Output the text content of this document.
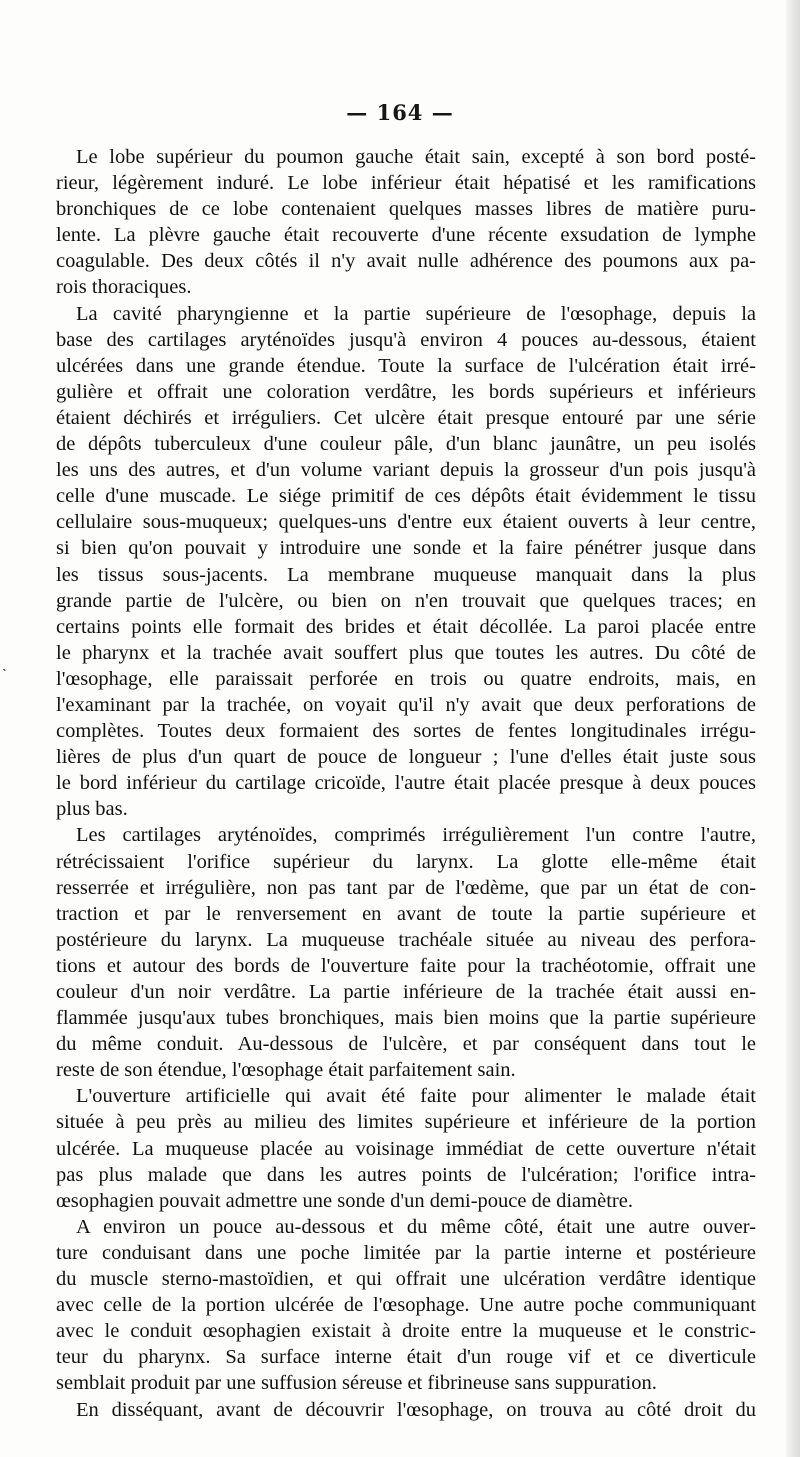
— 164 —
˴
Le lobe supérieur du poumon gauche était sain, excepté à son bord posté-
rieur, légèrement induré. Le lobe inférieur était hépatisé et les ramifications
bronchiques de ce lobe contenaient quelques masses libres de matière puru-
lente. La plèvre gauche était recouverte d'une récente exsudation de lymphe
coagulable. Des deux côtés il n'y avait nulle adhérence des poumons aux pa-
rois thoraciques.
La cavité pharyngienne et la partie supérieure de l'œsophage, depuis la
base des cartilages aryténoïdes jusqu'à environ 4 pouces au-dessous, étaient
ulcérées dans une grande étendue. Toute la surface de l'ulcération était irré-
gulière et offrait une coloration verdâtre, les bords supérieurs et inférieurs
étaient déchirés et irréguliers. Cet ulcère était presque entouré par une série
de dépôts tuberculeux d'une couleur pâle, d'un blanc jaunâtre, un peu isolés
les uns des autres, et d'un volume variant depuis la grosseur d'un pois jusqu'à
celle d'une muscade. Le siége primitif de ces dépôts était évidemment le tissu
cellulaire sous-muqueux; quelques-uns d'entre eux étaient ouverts à leur centre,
si bien qu'on pouvait y introduire une sonde et la faire pénétrer jusque dans
les tissus sous-jacents. La membrane muqueuse manquait dans la plus
grande partie de l'ulcère, ou bien on n'en trouvait que quelques traces; en
certains points elle formait des brides et était décollée. La paroi placée entre
le pharynx et la trachée avait souffert plus que toutes les autres. Du côté de
l'œsophage, elle paraissait perforée en trois ou quatre endroits, mais, en
l'examinant par la trachée, on voyait qu'il n'y avait que deux perforations de
complètes. Toutes deux formaient des sortes de fentes longitudinales irrégu-
lières de plus d'un quart de pouce de longueur ; l'une d'elles était juste sous
le bord inférieur du cartilage cricoïde, l'autre était placée presque à deux pouces
plus bas.
Les cartilages aryténoïdes, comprimés irrégulièrement l'un contre l'autre,
rétrécissaient l'orifice supérieur du larynx. La glotte elle-même était
resserrée et irrégulière, non pas tant par de l'œdème, que par un état de con-
traction et par le renversement en avant de toute la partie supérieure et
postérieure du larynx. La muqueuse trachéale située au niveau des perfora-
tions et autour des bords de l'ouverture faite pour la trachéotomie, offrait une
couleur d'un noir verdâtre. La partie inférieure de la trachée était aussi en-
flammée jusqu'aux tubes bronchiques, mais bien moins que la partie supérieure
du même conduit. Au-dessous de l'ulcère, et par conséquent dans tout le
reste de son étendue, l'œsophage était parfaitement sain.
L'ouverture artificielle qui avait été faite pour alimenter le malade était
située à peu près au milieu des limites supérieure et inférieure de la portion
ulcérée. La muqueuse placée au voisinage immédiat de cette ouverture n'était
pas plus malade que dans les autres points de l'ulcération; l'orifice intra-
œsophagien pouvait admettre une sonde d'un demi-pouce de diamètre.
A environ un pouce au-dessous et du même côté, était une autre ouver-
ture conduisant dans une poche limitée par la partie interne et postérieure
du muscle sterno-mastoïdien, et qui offrait une ulcération verdâtre identique
avec celle de la portion ulcérée de l'œsophage. Une autre poche communiquant
avec le conduit œsophagien existait à droite entre la muqueuse et le constric-
teur du pharynx. Sa surface interne était d'un rouge vif et ce diverticule
semblait produit par une suffusion séreuse et fibrineuse sans suppuration.
En disséquant, avant de découvrir l'œsophage, on trouva au côté droit du
